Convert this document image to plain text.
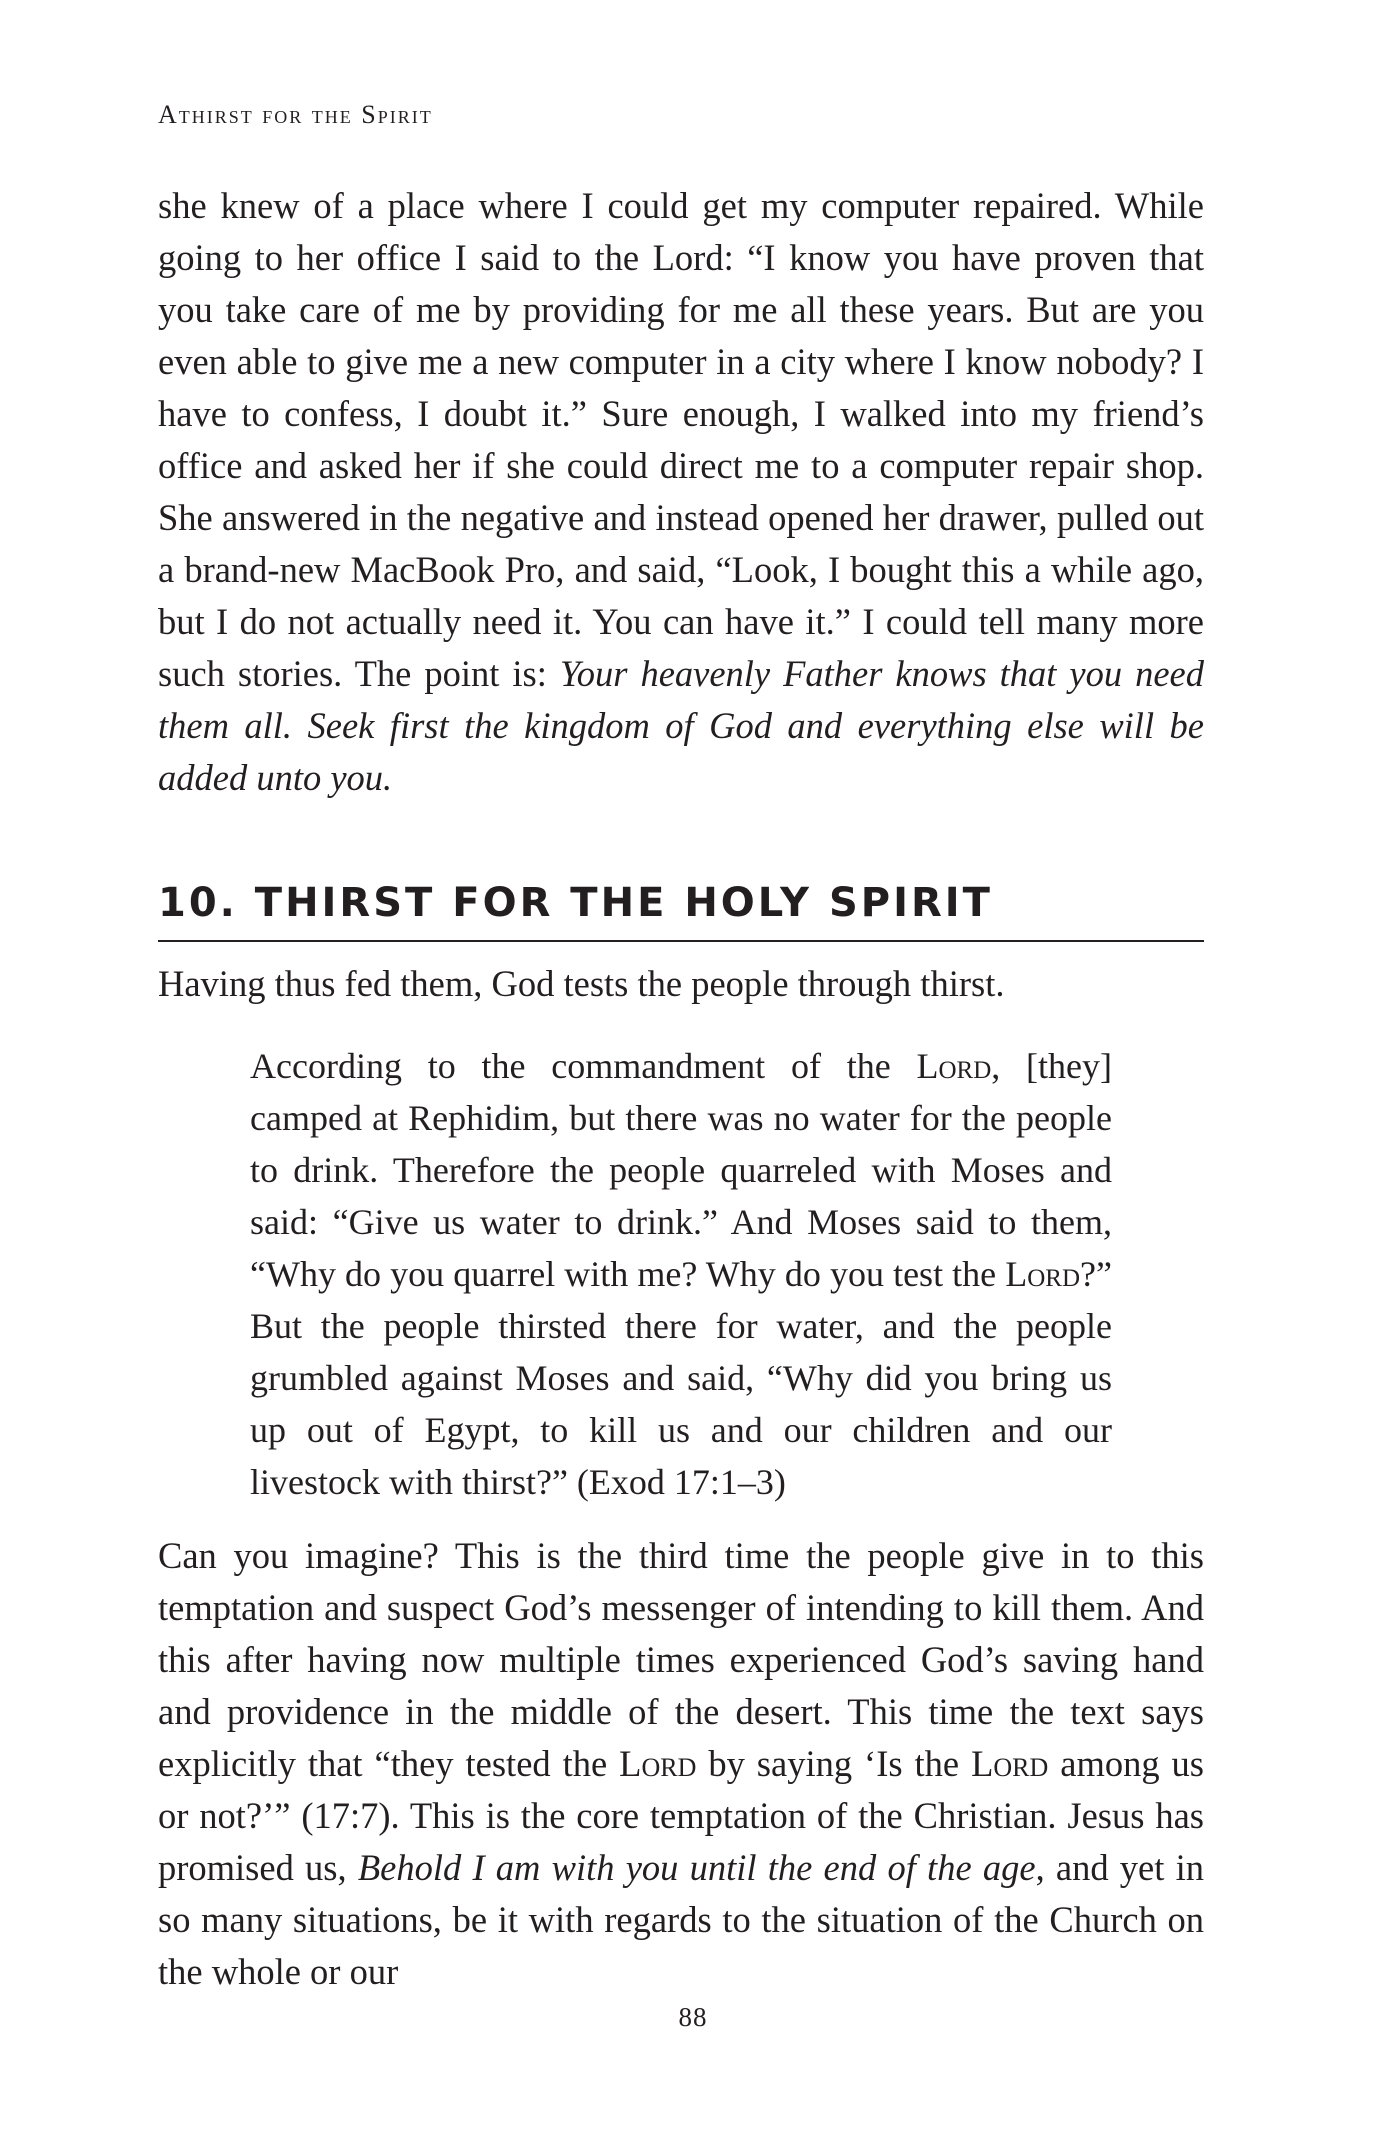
Athirst for the Spirit
she knew of a place where I could get my computer repaired. While going to her office I said to the Lord: “I know you have proven that you take care of me by providing for me all these years. But are you even able to give me a new computer in a city where I know nobody? I have to confess, I doubt it.” Sure enough, I walked into my friend’s office and asked her if she could direct me to a computer repair shop. She answered in the negative and instead opened her drawer, pulled out a brand-new MacBook Pro, and said, “Look, I bought this a while ago, but I do not actually need it. You can have it.” I could tell many more such stories. The point is: Your heavenly Father knows that you need them all. Seek first the kingdom of God and everything else will be added unto you.
10. THIRST FOR THE HOLY SPIRIT
Having thus fed them, God tests the people through thirst.
According to the commandment of the Lord, [they] camped at Rephidim, but there was no water for the people to drink. Therefore the people quarreled with Moses and said: “Give us water to drink.” And Moses said to them, “Why do you quarrel with me? Why do you test the Lord?” But the people thirsted there for water, and the people grumbled against Moses and said, “Why did you bring us up out of Egypt, to kill us and our children and our livestock with thirst?” (Exod 17:1–3)
Can you imagine? This is the third time the people give in to this temptation and suspect God’s messenger of intending to kill them. And this after having now multiple times experienced God’s saving hand and providence in the middle of the desert. This time the text says explicitly that “they tested the Lord by saying ‘Is the Lord among us or not?’” (17:7). This is the core temptation of the Christian. Jesus has promised us, Behold I am with you until the end of the age, and yet in so many situations, be it with regards to the situation of the Church on the whole or our
88
